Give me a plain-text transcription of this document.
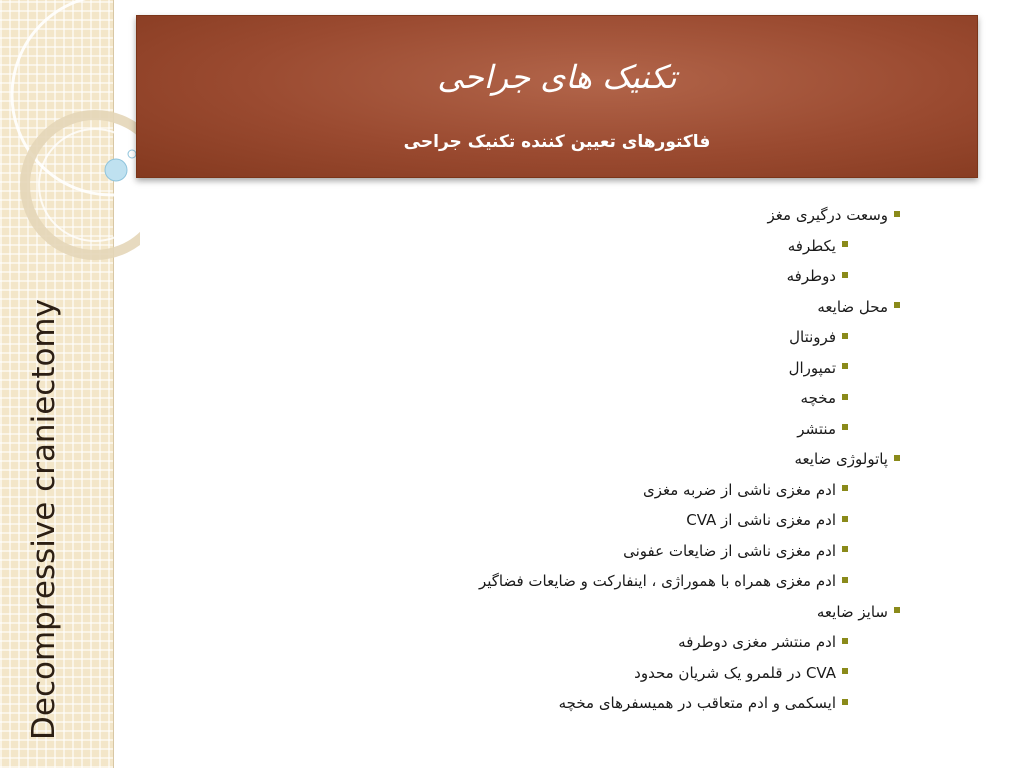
Decompressive craniectomy
تکنیک های جراحی
فاکتورهای تعیین کننده تکنیک جراحی
وسعت درگیری مغز
یکطرفه
دوطرفه
محل ضایعه
فرونتال
تمپورال
مخچه
منتشر
پاتولوژی ضایعه
ادم مغزی ناشی از ضربه مغزی
ادم مغزی ناشی از CVA
ادم مغزی ناشی از ضایعات عفونی
ادم مغزی همراه با همورا‌ژی ، اینفارکت و ضایعات فضاگیر
سایز ضایعه
ادم منتشر مغزی دوطرفه
CVA در قلمرو یک شریان محدود
ایسکمی و ادم متعاقب در همیسفرهای مخچه
